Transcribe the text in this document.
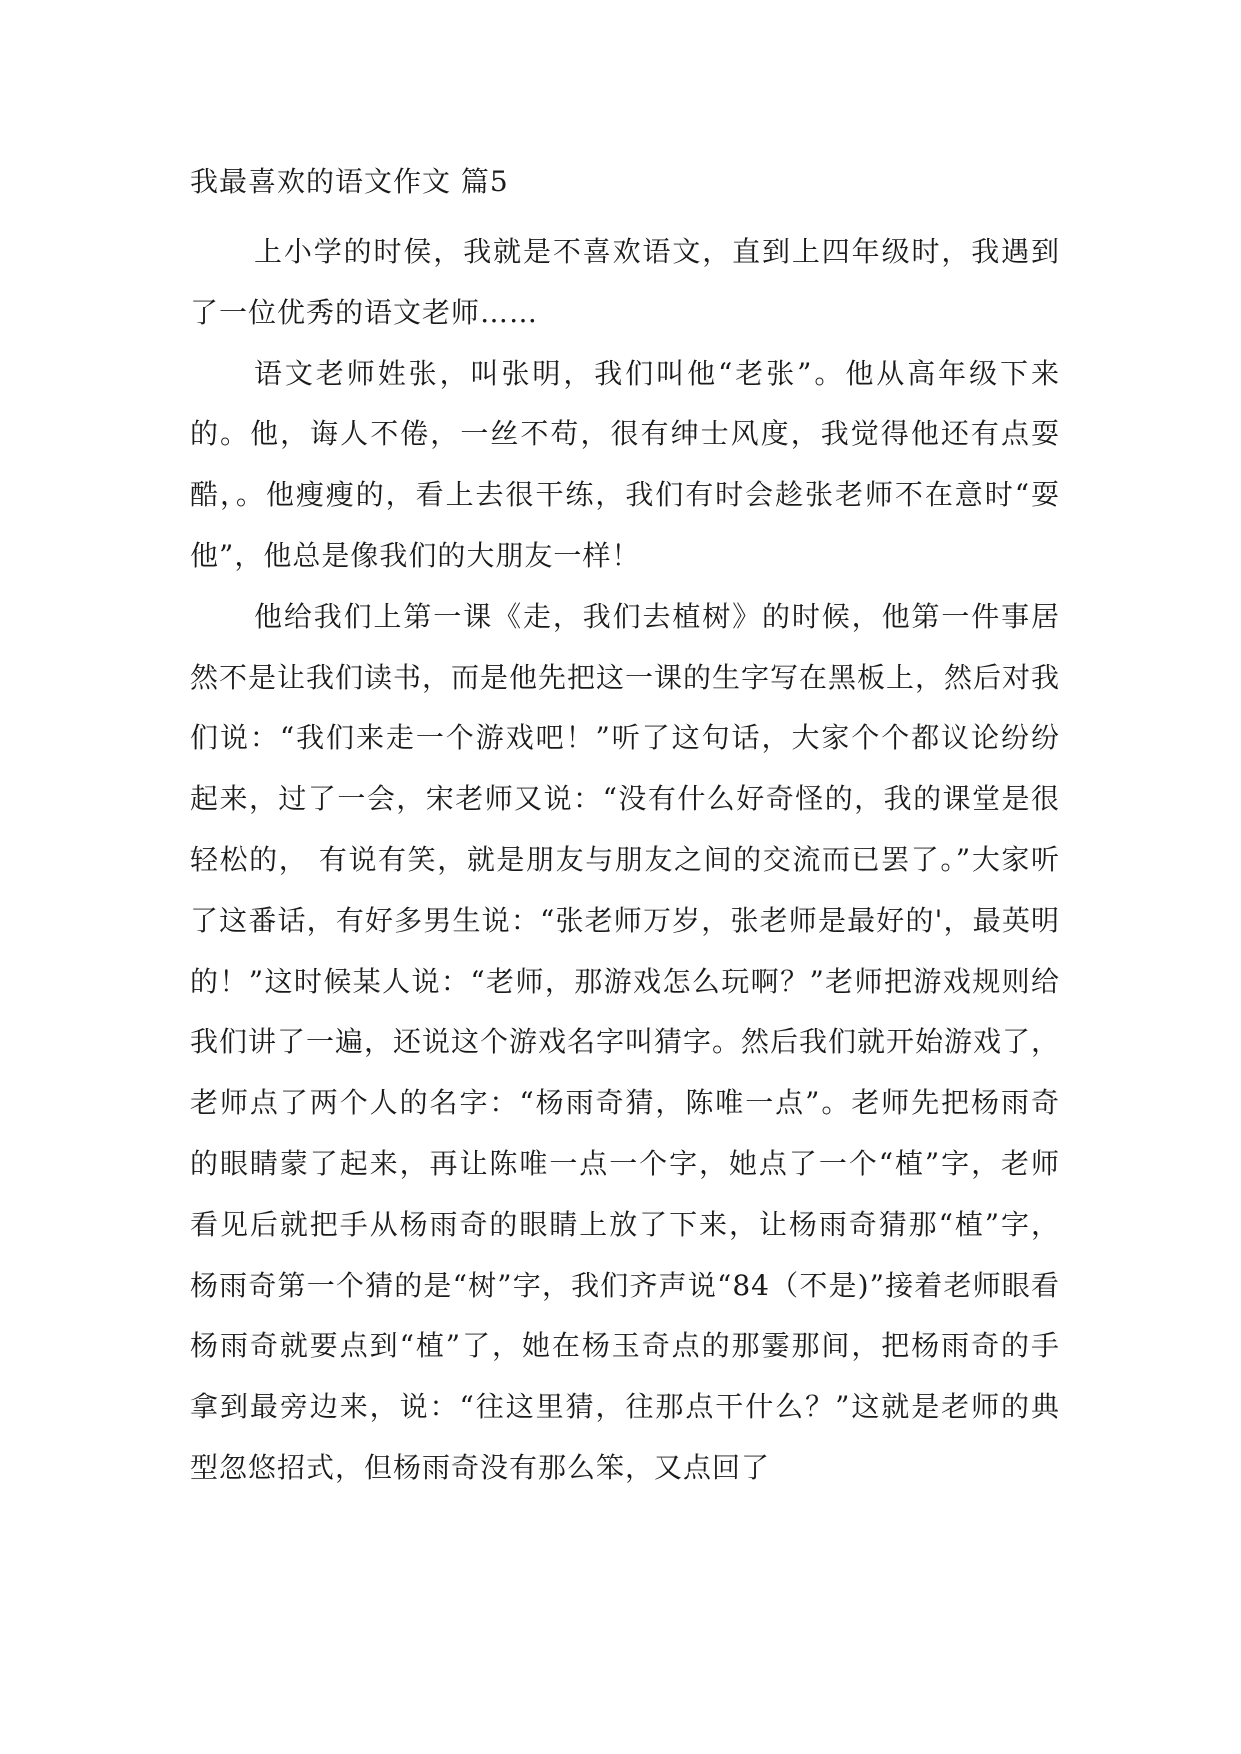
我最喜欢的语文作文 篇5

上小学的时侯，我就是不喜欢语文，直到上四年级时，我遇到了一位优秀的语文老师……

语文老师姓张，叫张明，我们叫他“老张”。他从高年级下来的。他，诲人不倦，一丝不苟，很有绅士风度，我觉得他还有点耍酷，。他瘦瘦的，看上去很干练，我们有时会趁张老师不在意时“耍他”，他总是像我们的大朋友一样！

他给我们上第一课《走，我们去植树》的时候，他第一件事居然不是让我们读书，而是他先把这一课的生字写在黑板上，然后对我们说：“我们来走一个游戏吧！”听了这句话，大家个个都议论纷纷起来，过了一会，宋老师又说：“没有什么好奇怪的，我的课堂是很轻松的， 有说有笑，就是朋友与朋友之间的交流而已罢了。”大家听了这番话，有好多男生说：“张老师万岁，张老师是最好的'，最英明的！”这时候某人说：“老师，那游戏怎么玩啊？”老师把游戏规则给我们讲了一遍，还说这个游戏名字叫猜字。然后我们就开始游戏了，老师点了两个人的名字：“杨雨奇猜，陈唯一点”。老师先把杨雨奇的眼睛蒙了起来，再让陈唯一点一个字，她点了一个“植”字，老师看见后就把手从杨雨奇的眼睛上放了下来，让杨雨奇猜那“植”字，杨雨奇第一个猜的是“树”字，我们齐声说“84（不是)”接着老师眼看杨雨奇就要点到“植”了，她在杨玉奇点的那霎那间，把杨雨奇的手拿到最旁边来，说：“往这里猜，往那点干什么？”这就是老师的典型忽悠招式，但杨雨奇没有那么笨，又点回了
